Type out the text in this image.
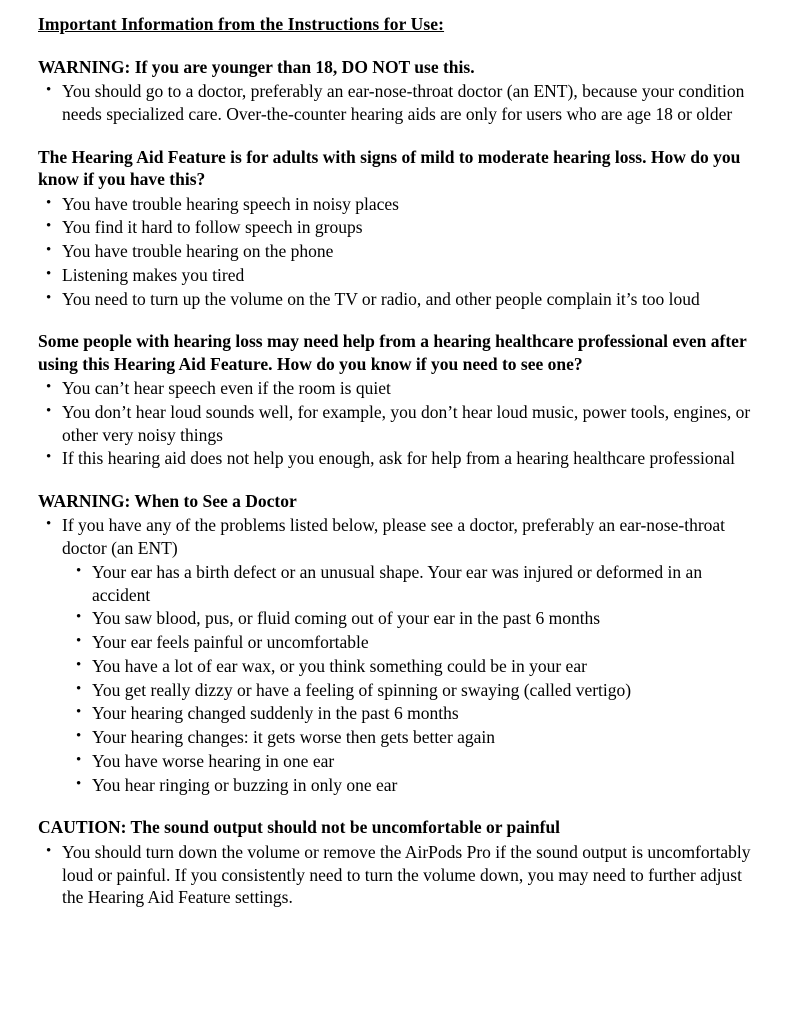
Important Information from the Instructions for Use:
WARNING: If you are younger than 18, DO NOT use this.
• You should go to a doctor, preferably an ear-nose-throat doctor (an ENT), because your condition needs specialized care. Over-the-counter hearing aids are only for users who are age 18 or older
The Hearing Aid Feature is for adults with signs of mild to moderate hearing loss. How do you know if you have this?
• You have trouble hearing speech in noisy places
• You find it hard to follow speech in groups
• You have trouble hearing on the phone
• Listening makes you tired
• You need to turn up the volume on the TV or radio, and other people complain it’s too loud
Some people with hearing loss may need help from a hearing healthcare professional even after using this Hearing Aid Feature. How do you know if you need to see one?
• You can’t hear speech even if the room is quiet
• You don’t hear loud sounds well, for example, you don’t hear loud music, power tools, engines, or other very noisy things
• If this hearing aid does not help you enough, ask for help from a hearing healthcare professional
WARNING: When to See a Doctor
• If you have any of the problems listed below, please see a doctor, preferably an ear-nose-throat doctor (an ENT)
• Your ear has a birth defect or an unusual shape. Your ear was injured or deformed in an accident
• You saw blood, pus, or fluid coming out of your ear in the past 6 months
• Your ear feels painful or uncomfortable
• You have a lot of ear wax, or you think something could be in your ear
• You get really dizzy or have a feeling of spinning or swaying (called vertigo)
• Your hearing changed suddenly in the past 6 months
• Your hearing changes: it gets worse then gets better again
• You have worse hearing in one ear
• You hear ringing or buzzing in only one ear
CAUTION: The sound output should not be uncomfortable or painful
• You should turn down the volume or remove the AirPods Pro if the sound output is uncomfortably loud or painful. If you consistently need to turn the volume down, you may need to further adjust the Hearing Aid Feature settings.
